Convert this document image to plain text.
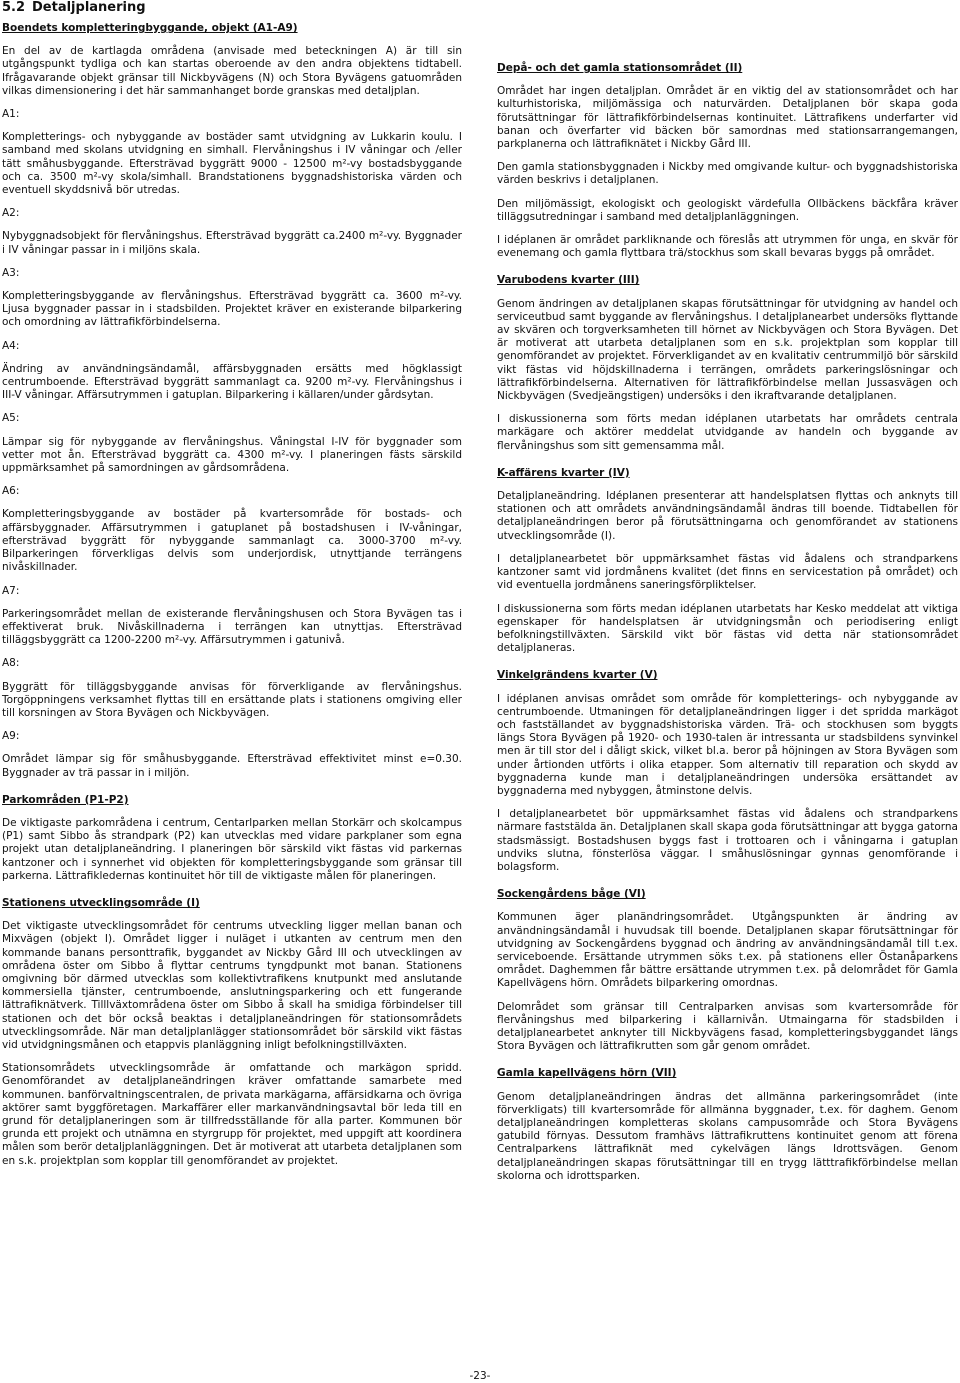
5.2 Detaljplanering

Boendets kompletteringbyggande, objekt (A1-A9)

En del av de kartlagda områdena (anvisade med beteckningen A) är till sin utgångspunkt tydliga och kan startas oberoende av den andra objektens tidtabell. Ifrågavarande objekt gränsar till Nickbyvägens (N) och Stora Byvägens gatuområden vilkas dimensionering i det här sammanhanget borde granskas med detaljplan.

A1:

Kompletterings- och nybyggande av bostäder samt utvidgning av Lukkarin koulu. I samband med skolans utvidgning en simhall. Flervåningshus i IV våningar och /eller tätt småhusbyggande. Eftersträvad byggrätt 9000 - 12500 m²-vy bostadsbyggande och ca. 3500 m²-vy skola/simhall. Brandstationens byggnadshistoriska värden och eventuell skyddsnivå bör utredas.

A2:

Nybyggnadsobjekt för flervåningshus. Eftersträvad byggrätt ca.2400 m²-vy. Byggnader i IV våningar passar in i miljöns skala.

A3:

Kompletteringsbyggande av flervåningshus. Eftersträvad byggrätt ca. 3600 m²-vy. Ljusa byggnader passar in i stadsbilden. Projektet kräver en existerande bilparkering och omordning av lättrafikförbindelserna.

A4:

Ändring av användningsändamål, affärsbyggnaden ersätts med högklassigt centrumboende. Eftersträvad byggrätt sammanlagt ca. 9200 m²-vy. Flervåningshus i III-V våningar. Affärsutrymmen i gatuplan. Bilparkering i källaren/under gårdsytan.

A5:

Lämpar sig för nybyggande av flervåningshus. Våningstal I-IV för byggnader som vetter mot ån. Eftersträvad byggrätt ca. 4300 m²-vy. I planeringen fästs särskild uppmärksamhet på samordningen av gårdsområdena.

A6:

Kompletteringsbyggande av bostäder på kvartersområde för bostads- och affärsbyggnader. Affärsutrymmen i gatuplanet på bostadshusen i IV-våningar, eftersträvad byggrätt för nybyggande sammanlagt ca. 3000-3700 m²-vy. Bilparkeringen förverkligas delvis som underjordisk, utnyttjande terrängens nivåskillnader.

A7:

Parkeringsområdet mellan de existerande flervåningshusen och Stora Byvägen tas i effektiverat bruk. Nivåskillnaderna i terrängen kan utnyttjas. Eftersträvad tilläggsbyggrätt ca 1200-2200 m²-vy. Affärsutrymmen i gatunivå.

A8:

Byggrätt för tilläggsbyggande anvisas för förverkligande av flervåningshus. Torgöppningens verksamhet flyttas till en ersättande plats i stationens omgiving eller till korsningen av Stora Byvägen och Nickbyvägen.

A9:

Området lämpar sig för småhusbyggande. Eftersträvad effektivitet minst e=0.30. Byggnader av trä passar in i miljön.

Parkområden (P1-P2)

De viktigaste parkområdena i centrum, Centarlparken mellan Storkärr och skolcampus (P1) samt Sibbo ås strandpark (P2) kan utvecklas med vidare parkplaner som egna projekt utan detaljplaneändring. I planeringen bör särskild vikt fästas vid parkernas kantzoner och i synnerhet vid objekten för kompletteringsbyggande som gränsar till parkerna. Lättrafikledernas kontinuitet hör till de viktigaste målen för planeringen.

Stationens utvecklingsområde (I)

Det viktigaste utvecklingsområdet för centrums utveckling ligger mellan banan och Mixvägen (objekt I). Området ligger i nuläget i utkanten av centrum men den kommande banans personttrafik, byggandet av Nickby Gård III och utvecklingen av områdena öster om Sibbo å flyttar centrums tyngdpunkt mot banan. Stationens omgivning bör därmed utvecklas som kollektivtrafikens knutpunkt med anslutande kommersiella tjänster, centrumboende, anslutningsparkering och ett fungerande lättrafiknätverk. Tilllväxtområdena öster om Sibbo å skall ha smidiga förbindelser till stationen och det bör också beaktas i detaljplaneändringen för stationsområdets utvecklingsområde. När man detaljplanlägger stationsområdet bör särskild vikt fästas vid utvidgningsmånen och etappvis planläggning inligt befolkningstillväxten.

Stationsområdets utvecklingsområde är omfattande och markägon spridd. Genomförandet av detaljplaneändringen kräver omfattande samarbete med kommunen. banförvaltningscentralen, de privata markägarna, affärsidkarna och övriga aktörer samt byggföretagen. Markaffärer eller markanvändningsavtal bör leda till en grund för detaljplaneringen som är tillfredsställande för alla parter. Kommunen bör grunda ett projekt och utnämna en styrgrupp för projektet, med uppgift att koordinera målen som berör detaljplanläggningen. Det är motiverat att utarbeta detaljplanen som en s.k. projektplan som kopplar till genomförandet av projektet.

Depå- och det gamla stationsområdet (II)

Området har ingen detaljplan. Området är en viktig del av stationsområdet och har kulturhistoriska, miljömässiga och naturvärden. Detaljplanen bör skapa goda förutsättningar för lättrafikförbindelsernas kontinuitet. Lättrafikens underfarter vid banan och överfarter vid bäcken bör samordnas med stationsarrangemangen, parkplanerna och lättrafiknätet i Nickby Gård III.

Den gamla stationsbyggnaden i Nickby med omgivande kultur- och byggnadshistoriska värden beskrivs i detaljplanen.

Den miljömässigt, ekologiskt och geologiskt värdefulla Ollbäckens bäckfåra kräver tilläggsutredningar i samband med detaljplanläggningen.

I idéplanen är området parkliknande och föreslås att utrymmen för unga, en skvär för evenemang och gamla flyttbara trä/stockhus som skall bevaras byggs på området.

Varubodens kvarter (III)

Genom ändringen av detaljplanen skapas förutsättningar för utvidgning av handel och serviceutbud samt byggande av flervåningshus. I detaljplanearbet undersöks flyttande av skvären och torgverksamheten till hörnet av Nickbyvägen och Stora Byvägen. Det är motiverat att utarbeta detaljplanen som en s.k. projektplan som kopplar till genomförandet av projektet. Förverkligandet av en kvalitativ centrummiljö bör särskild vikt fästas vid höjdskillnaderna i terrängen, områdets parkeringslösningar och lättrafikförbindelserna. Alternativen för lättrafikförbindelse mellan Jussasvägen och Nickbyvägen (Svedjeängstigen) undersöks i den ikraftvarande detaljplanen.

I diskussionerna som förts medan idéplanen utarbetats har områdets centrala markägare och aktörer meddelat utvidgande av handeln och byggande av flervåningshus som sitt gemensamma mål.

K-affärens kvarter (IV)

Detaljplaneändring. Idéplanen presenterar att handelsplatsen flyttas och anknyts till stationen och att områdets användningsändamål ändras till boende. Tidtabellen för detaljplaneändringen beror på förutsättningarna och genomförandet av stationens utvecklingsområde (I).

I detaljplanearbetet bör uppmärksamhet fästas vid ådalens och strandparkens kantzoner samt vid jordmånens kvalitet (det finns en servicestation på området) och vid eventuella jordmånens saneringsförpliktelser.

I diskussionerna som förts medan idéplanen utarbetats har Kesko meddelat att viktiga egenskaper för handelsplatsen är utvidgningsmån och periodisering enligt befolkningstillväxten. Särskild vikt bör fästas vid detta när stationsområdet detaljplaneras.

Vinkelgrändens kvarter (V)

I idéplanen anvisas området som område för kompletterings- och nybyggande av centrumboende. Utmaningen för detaljplaneändringen ligger i det spridda markägot och fastställandet av byggnadshistoriska värden. Trä- och stockhusen som byggts längs Stora Byvägen på 1920- och 1930-talen är intressanta ur stadsbildens synvinkel men är till stor del i dåligt skick, vilket bl.a. beror på höjningen av Stora Byvägen som under årtionden utförts i olika etapper. Som alternativ till reparation och skydd av byggnaderna kunde man i detaljplaneändringen undersöka ersättandet av byggnaderna med nybyggen, åtminstone delvis.

I detaljplanearbetet bör uppmärksamhet fästas vid ådalens och strandparkens närmare faststälda än. Detaljplanen skall skapa goda förutsättningar att bygga gatorna stadsmässigt. Bostadshusen byggs fast i trottoaren och i våningarna i gatuplan undviks slutna, fönsterlösa väggar. I småhuslösningar gynnas genomförande i bolagsform.

Sockengårdens båge (VI)

Kommunen äger planändringsområdet. Utgångspunkten är ändring av användningsändamål i huvudsak till boende. Detaljplanen skapar förutsättningar för utvidgning av Sockengårdens byggnad och ändring av användningsändamål till t.ex. serviceboende. Ersättande utrymmen söks t.ex. på stationens eller Östanåparkens området. Daghemmen får bättre ersättande utrymmen t.ex. på delområdet för Gamla Kapellvägens hörn. Områdets bilparkering omordnas.

Delområdet som gränsar till Centralparken anvisas som kvartersområde för flervåningshus med bilparkering i källarnivån. Utmaingarna för stadsbilden i detaljplanearbetet anknyter till Nickbyvägens fasad, kompletteringsbyggandet längs Stora Byvägen och lättrafikrutten som går genom området.

Gamla kapellvägens hörn (VII)

Genom detaljplaneändringen ändras det allmänna parkeringsområdet (inte förverkligats) till kvartersområde för allmänna byggnader, t.ex. för daghem. Genom detaljplaneändringen kompletteras skolans campusområde och Stora Byvägens gatubild förnyas. Dessutom framhävs lättrafikruttens kontinuitet genom att förena Centralparkens lättrafiknät med cykelvägen längs Idrottsvägen. Genom detaljplaneändringen skapas förutsättningar till en trygg lätttrafikförbindelse mellan skolorna och idrottsparken.

-23-
